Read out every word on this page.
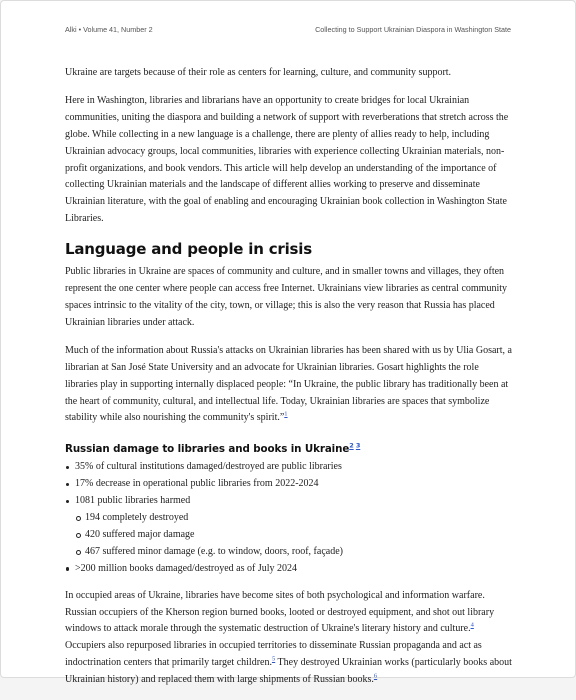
Alki • Volume 41, Number 2	Collecting to Support Ukrainian Diaspora in Washington State

Ukraine are targets because of their role as centers for learning, culture, and community support.

Here in Washington, libraries and librarians have an opportunity to create bridges for local Ukrainian communities, uniting the diaspora and building a network of support with reverberations that stretch across the globe. While collecting in a new language is a challenge, there are plenty of allies ready to help, including Ukrainian advocacy groups, local communities, libraries with experience collecting Ukrainian materials, non-profit organizations, and book vendors. This article will help develop an understanding of the importance of collecting Ukrainian materials and the landscape of different allies working to preserve and disseminate Ukrainian literature, with the goal of enabling and encouraging Ukrainian book collection in Washington State Libraries.

Language and people in crisis

Public libraries in Ukraine are spaces of community and culture, and in smaller towns and villages, they often represent the one center where people can access free Internet. Ukrainians view libraries as central community spaces intrinsic to the vitality of the city, town, or village; this is also the very reason that Russia has placed Ukrainian libraries under attack.

Much of the information about Russia's attacks on Ukrainian libraries has been shared with us by Ulia Gosart, a librarian at San José State University and an advocate for Ukrainian libraries. Gosart highlights the role libraries play in supporting internally displaced people: “In Ukraine, the public library has traditionally been at the heart of community, cultural, and intellectual life. Today, Ukrainian libraries are spaces that symbolize stability while also nourishing the community's spirit.”$^1$

Russian damage to libraries and books in Ukraine$^{2 3}$
35% of cultural institutions damaged/destroyed are public libraries
17% decrease in operational public libraries from 2022-2024
1081 public libraries harmed
194 completely destroyed
420 suffered major damage
467 suffered minor damage (e.g. to window, doors, roof, façade)
>200 million books damaged/destroyed as of July 2024

In occupied areas of Ukraine, libraries have become sites of both psychological and information warfare. Russian occupiers of the Kherson region burned books, looted or destroyed equipment, and shot out library windows to attack morale through the systematic destruction of Ukraine's literary history and culture.$^4$ Occupiers also repurposed libraries in occupied territories to disseminate Russian propaganda and act as indoctrination centers that primarily target children.$^5$ They destroyed Ukrainian works (particularly books about Ukrainian history) and replaced them with large shipments of Russian books.$^6$
